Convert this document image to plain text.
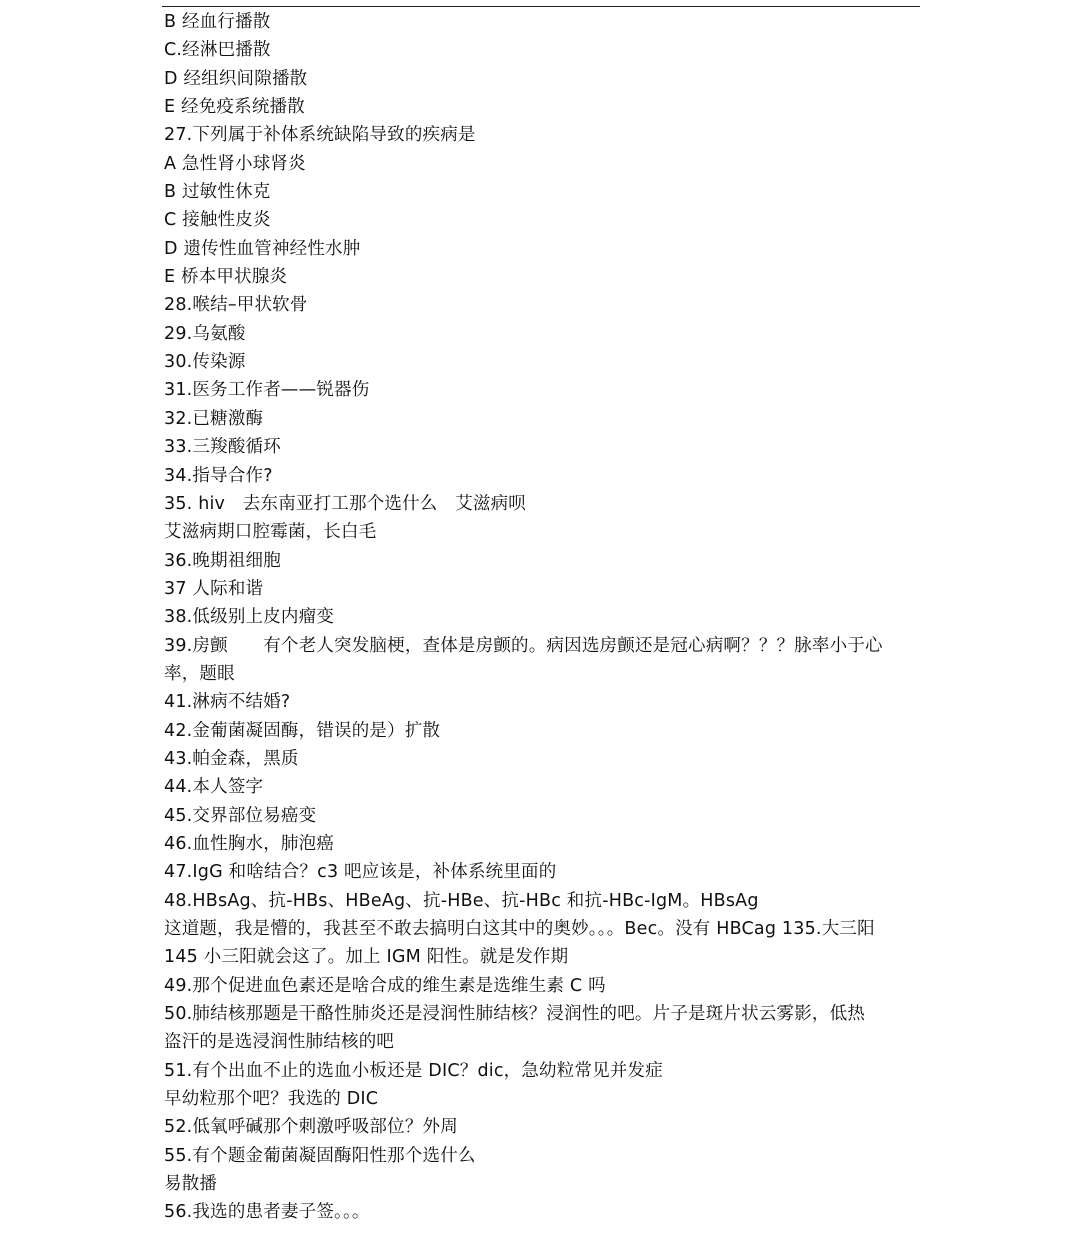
B 经血行播散
C.经淋巴播散
D 经组织间隙播散
E 经免疫系统播散
27.下列属于补体系统缺陷导致的疾病是
A 急性肾小球肾炎
B 过敏性休克
C 接触性皮炎
D 遗传性血管神经性水肿
E 桥本甲状腺炎
28.喉结–甲状软骨
29.乌氨酸
30.传染源
31.医务工作者——锐器伤
32.已糖激酶
33.三羧酸循环
34.指导合作?
35. hiv　去东南亚打工那个选什么　艾滋病呗
艾滋病期口腔霉菌，长白毛
36.晚期祖细胞
37 人际和谐
38.低级别上皮内瘤变
39.房颤　　有个老人突发脑梗，查体是房颤的。病因选房颤还是冠心病啊？？？脉率小于心
率，题眼
41.淋病不结婚?
42.金葡菌凝固酶，错误的是）扩散
43.帕金森，黑质
44.本人签字
45.交界部位易癌变
46.血性胸水，肺泡癌
47.IgG 和啥结合？c3 吧应该是，补体系统里面的
48.HBsAg、抗-HBs、HBeAg、抗-HBe、抗-HBc 和抗-HBc-IgM。HBsAg
这道题，我是懵的，我甚至不敢去搞明白这其中的奥妙。。。Bec。没有 HBCag 135.大三阳
145 小三阳就会这了。加上 IGM 阳性。就是发作期
49.那个促进血色素还是啥合成的维生素是选维生素 C 吗
50.肺结核那题是干酪性肺炎还是浸润性肺结核？浸润性的吧。片子是斑片状云雾影，低热
盗汗的是选浸润性肺结核的吧
51.有个出血不止的选血小板还是 DIC？dic，急幼粒常见并发症
早幼粒那个吧？我选的 DIC
52.低氧呼碱那个刺激呼吸部位？外周
55.有个题金葡菌凝固酶阳性那个选什么
易散播
56.我选的患者妻子签。。。
